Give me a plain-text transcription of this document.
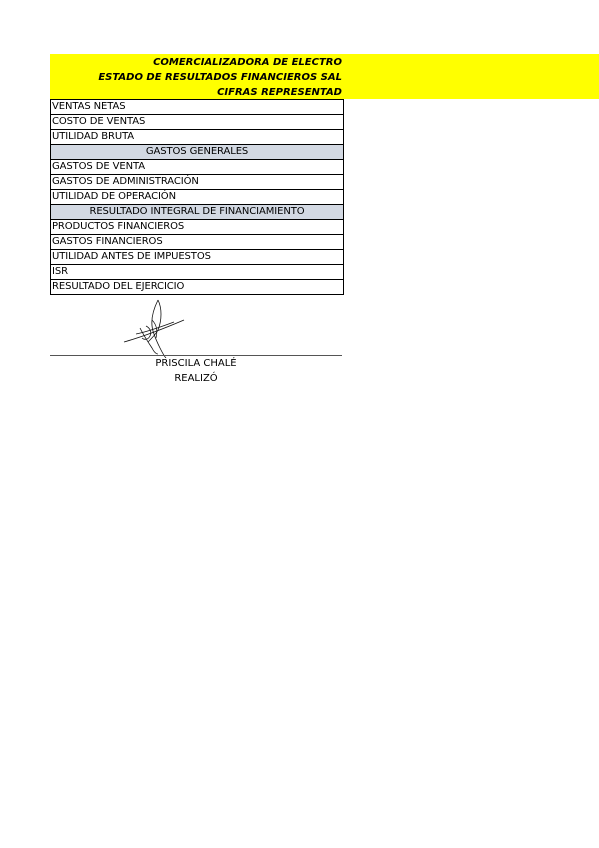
COMERCIALIZADORA DE ELECTRO
ESTADO DE RESULTADOS FINANCIEROS SAL
CIFRAS REPRESENTAD
VENTAS NETAS
COSTO DE VENTAS
UTILIDAD BRUTA
GASTOS GENERALES
GASTOS DE VENTA
GASTOS DE ADMINISTRACIÓN
UTILIDAD DE OPERACIÓN
RESULTADO INTEGRAL DE FINANCIAMIENTO
PRODUCTOS FINANCIEROS
GASTOS FINANCIEROS
UTILIDAD ANTES DE IMPUESTOS
ISR
RESULTADO DEL EJERCICIO
PRISCILA CHALÉ
REALIZÓ
